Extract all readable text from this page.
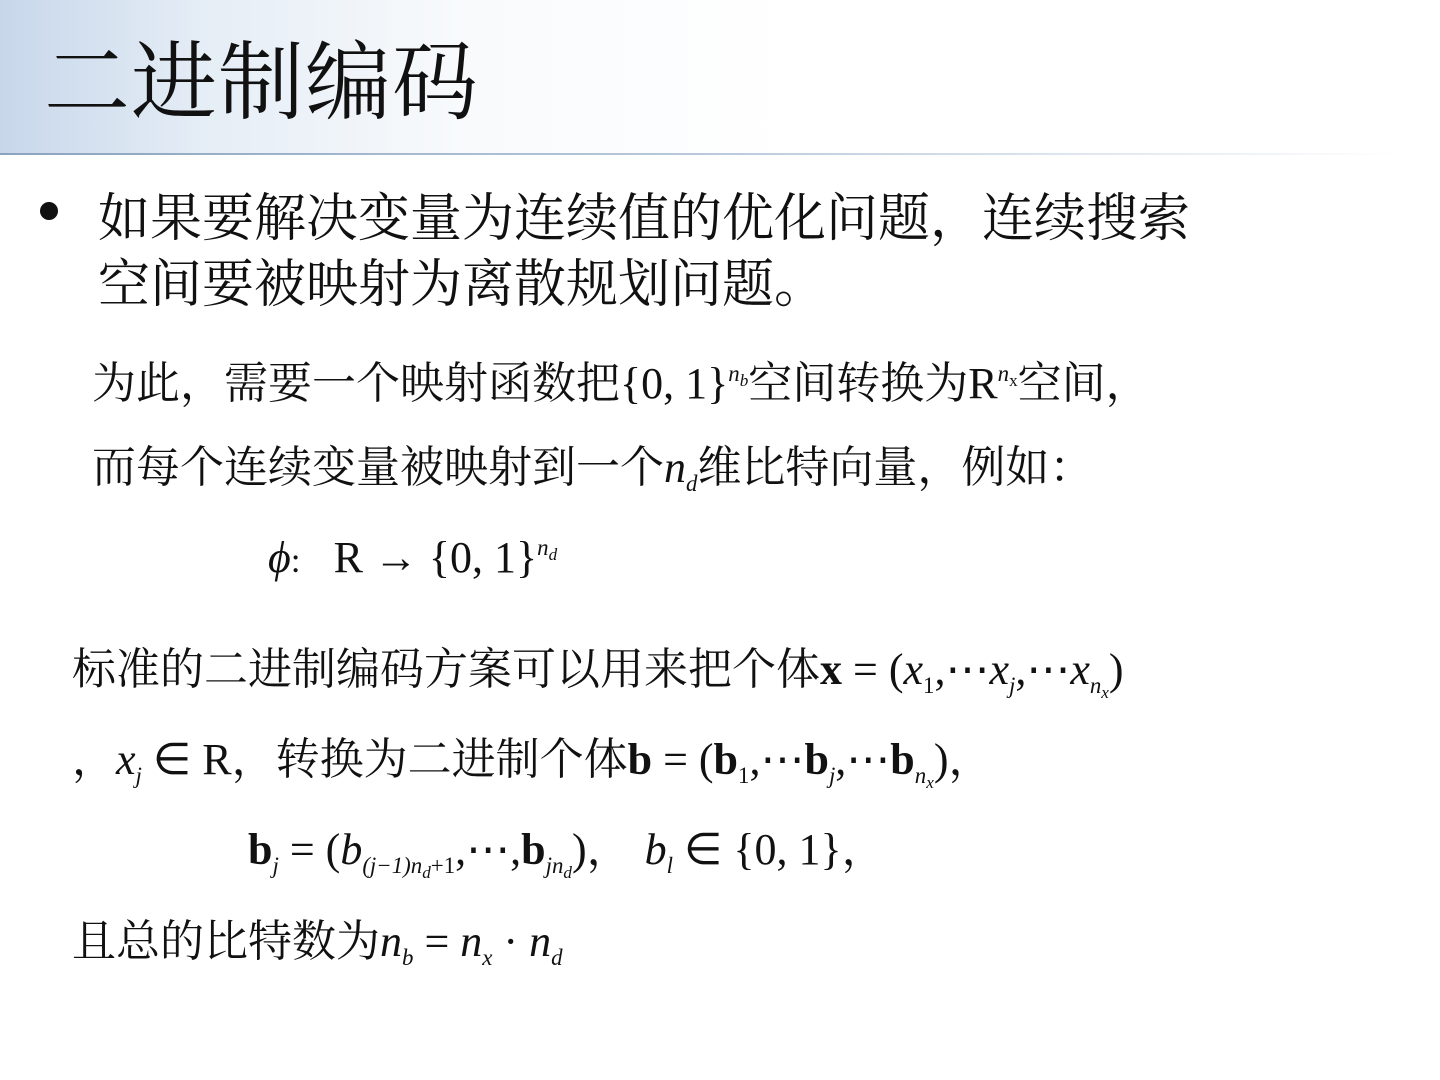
二进制编码

如果要解决变量为连续值的优化问题，连续搜索
空间要被映射为离散规划问题。

为此，需要一个映射函数把{0, 1}$^{n_b}$空间转换为$R^{n_x}$空间，

而每个连续变量被映射到一个nd维比特向量，例如：

ϕ: R → {0, 1}$^{n_d}$

标准的二进制编码方案可以用来把个体$x = (x1,\cdots xj,\cdots xn_x)$

，xj ∈ R，转换为二进制个体$b = (b1,\cdots bj,\cdots bn_x)$，

bj = $(b(j-1)n_d+1,\cdots,bjn_d)$， bl ∈ {0, 1}，

且总的比特数为nb = nx · nd
